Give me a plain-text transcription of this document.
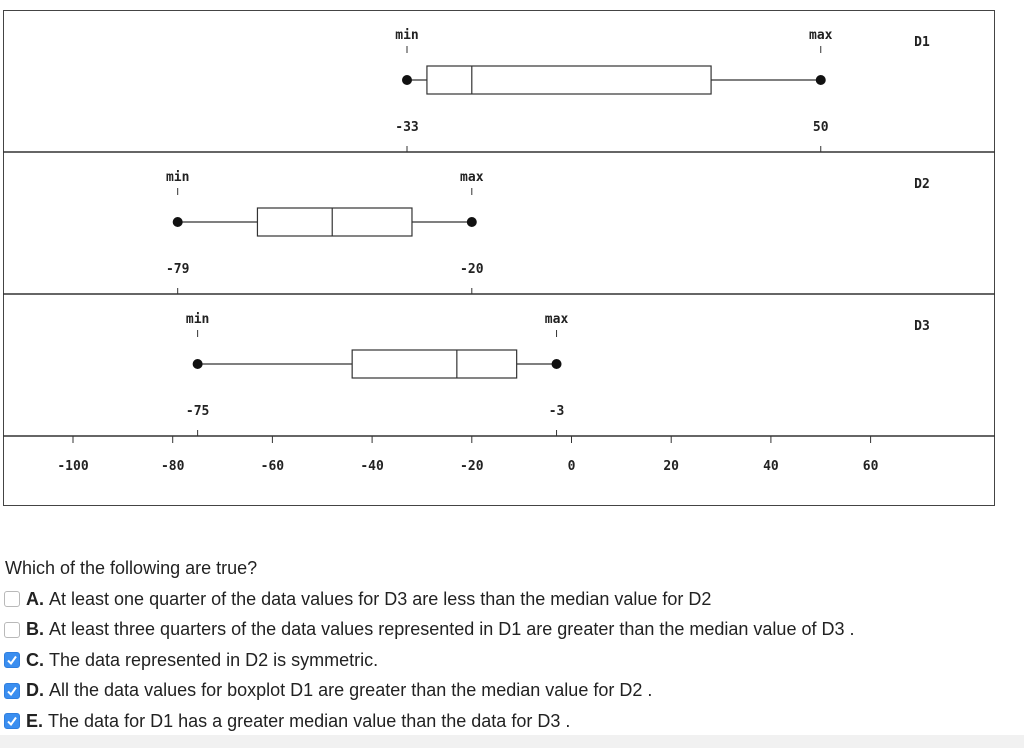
min	max
-33	50
D1
min	max
-79	-20
D2
min	max
-75	-3
D3
-100	-80	-60	-40	-20	0	20	40	60

Which of the following are true?

A. At least one quarter of the data values for D3 are less than the median value for D2
B. At least three quarters of the data values represented in D1 are greater than the median value of D3 .
C. The data represented in D2 is symmetric.
D. All the data values for boxplot D1 are greater than the median value for D2 .
E. The data for D1 has a greater median value than the data for D3 .
